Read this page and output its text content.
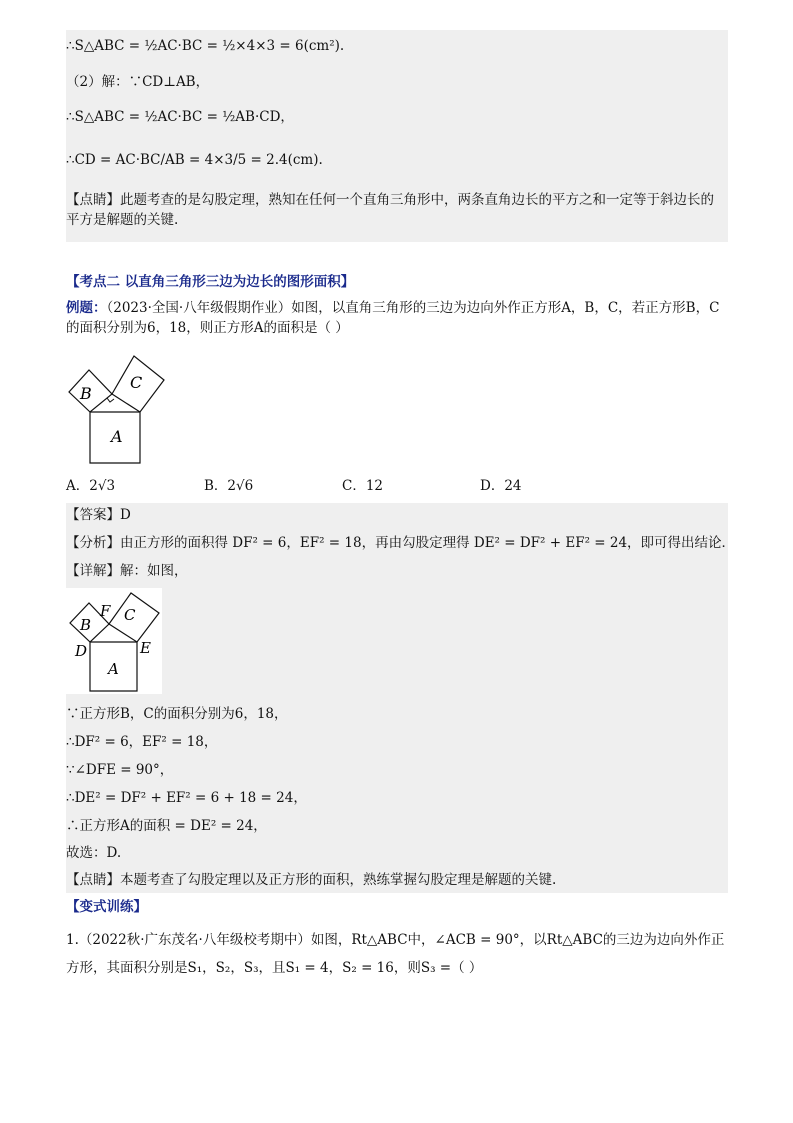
∴S△ABC = ½AC·BC = ½×4×3 = 6(cm²).
（2）解：∵CD⊥AB，
∴S△ABC = ½AC·BC = ½AB·CD，
∴CD = AC·BC/AB = 4×3/5 = 2.4(cm).
【点睛】此题考查的是勾股定理，熟知在任何一个直角三角形中，两条直角边长的平方之和一定等于斜边长的平方是解题的关键.
【考点二 以直角三角形三边为边长的图形面积】
例题：（2023·全国·八年级假期作业）如图，以直角三角形的三边为边向外作正方形A，B，C，若正方形B，C的面积分别为6，18，则正方形A的面积是（ ）
A
B
C
A．2√3	B．2√6	C．12	D．24
【答案】D
【分析】由正方形的面积得 DF² = 6，EF² = 18，再由勾股定理得 DE² = DF² + EF² = 24，即可得出结论．
【详解】解：如图，
A
B
C
D	E
F
∵正方形B，C的面积分别为6，18，
∴DF² = 6，EF² = 18，
∵∠DFE = 90°，
∴DE² = DF² + EF² = 6 + 18 = 24，
∴正方形A的面积 = DE² = 24，
故选：D.
【点睛】本题考查了勾股定理以及正方形的面积，熟练掌握勾股定理是解题的关键.
【变式训练】
1.（2022秋·广东茂名·八年级校考期中）如图，Rt△ABC中，∠ACB = 90°，以Rt△ABC的三边为边向外作正方形，其面积分别是S₁，S₂，S₃，且S₁ = 4，S₂ = 16，则S₃ =（ ）
